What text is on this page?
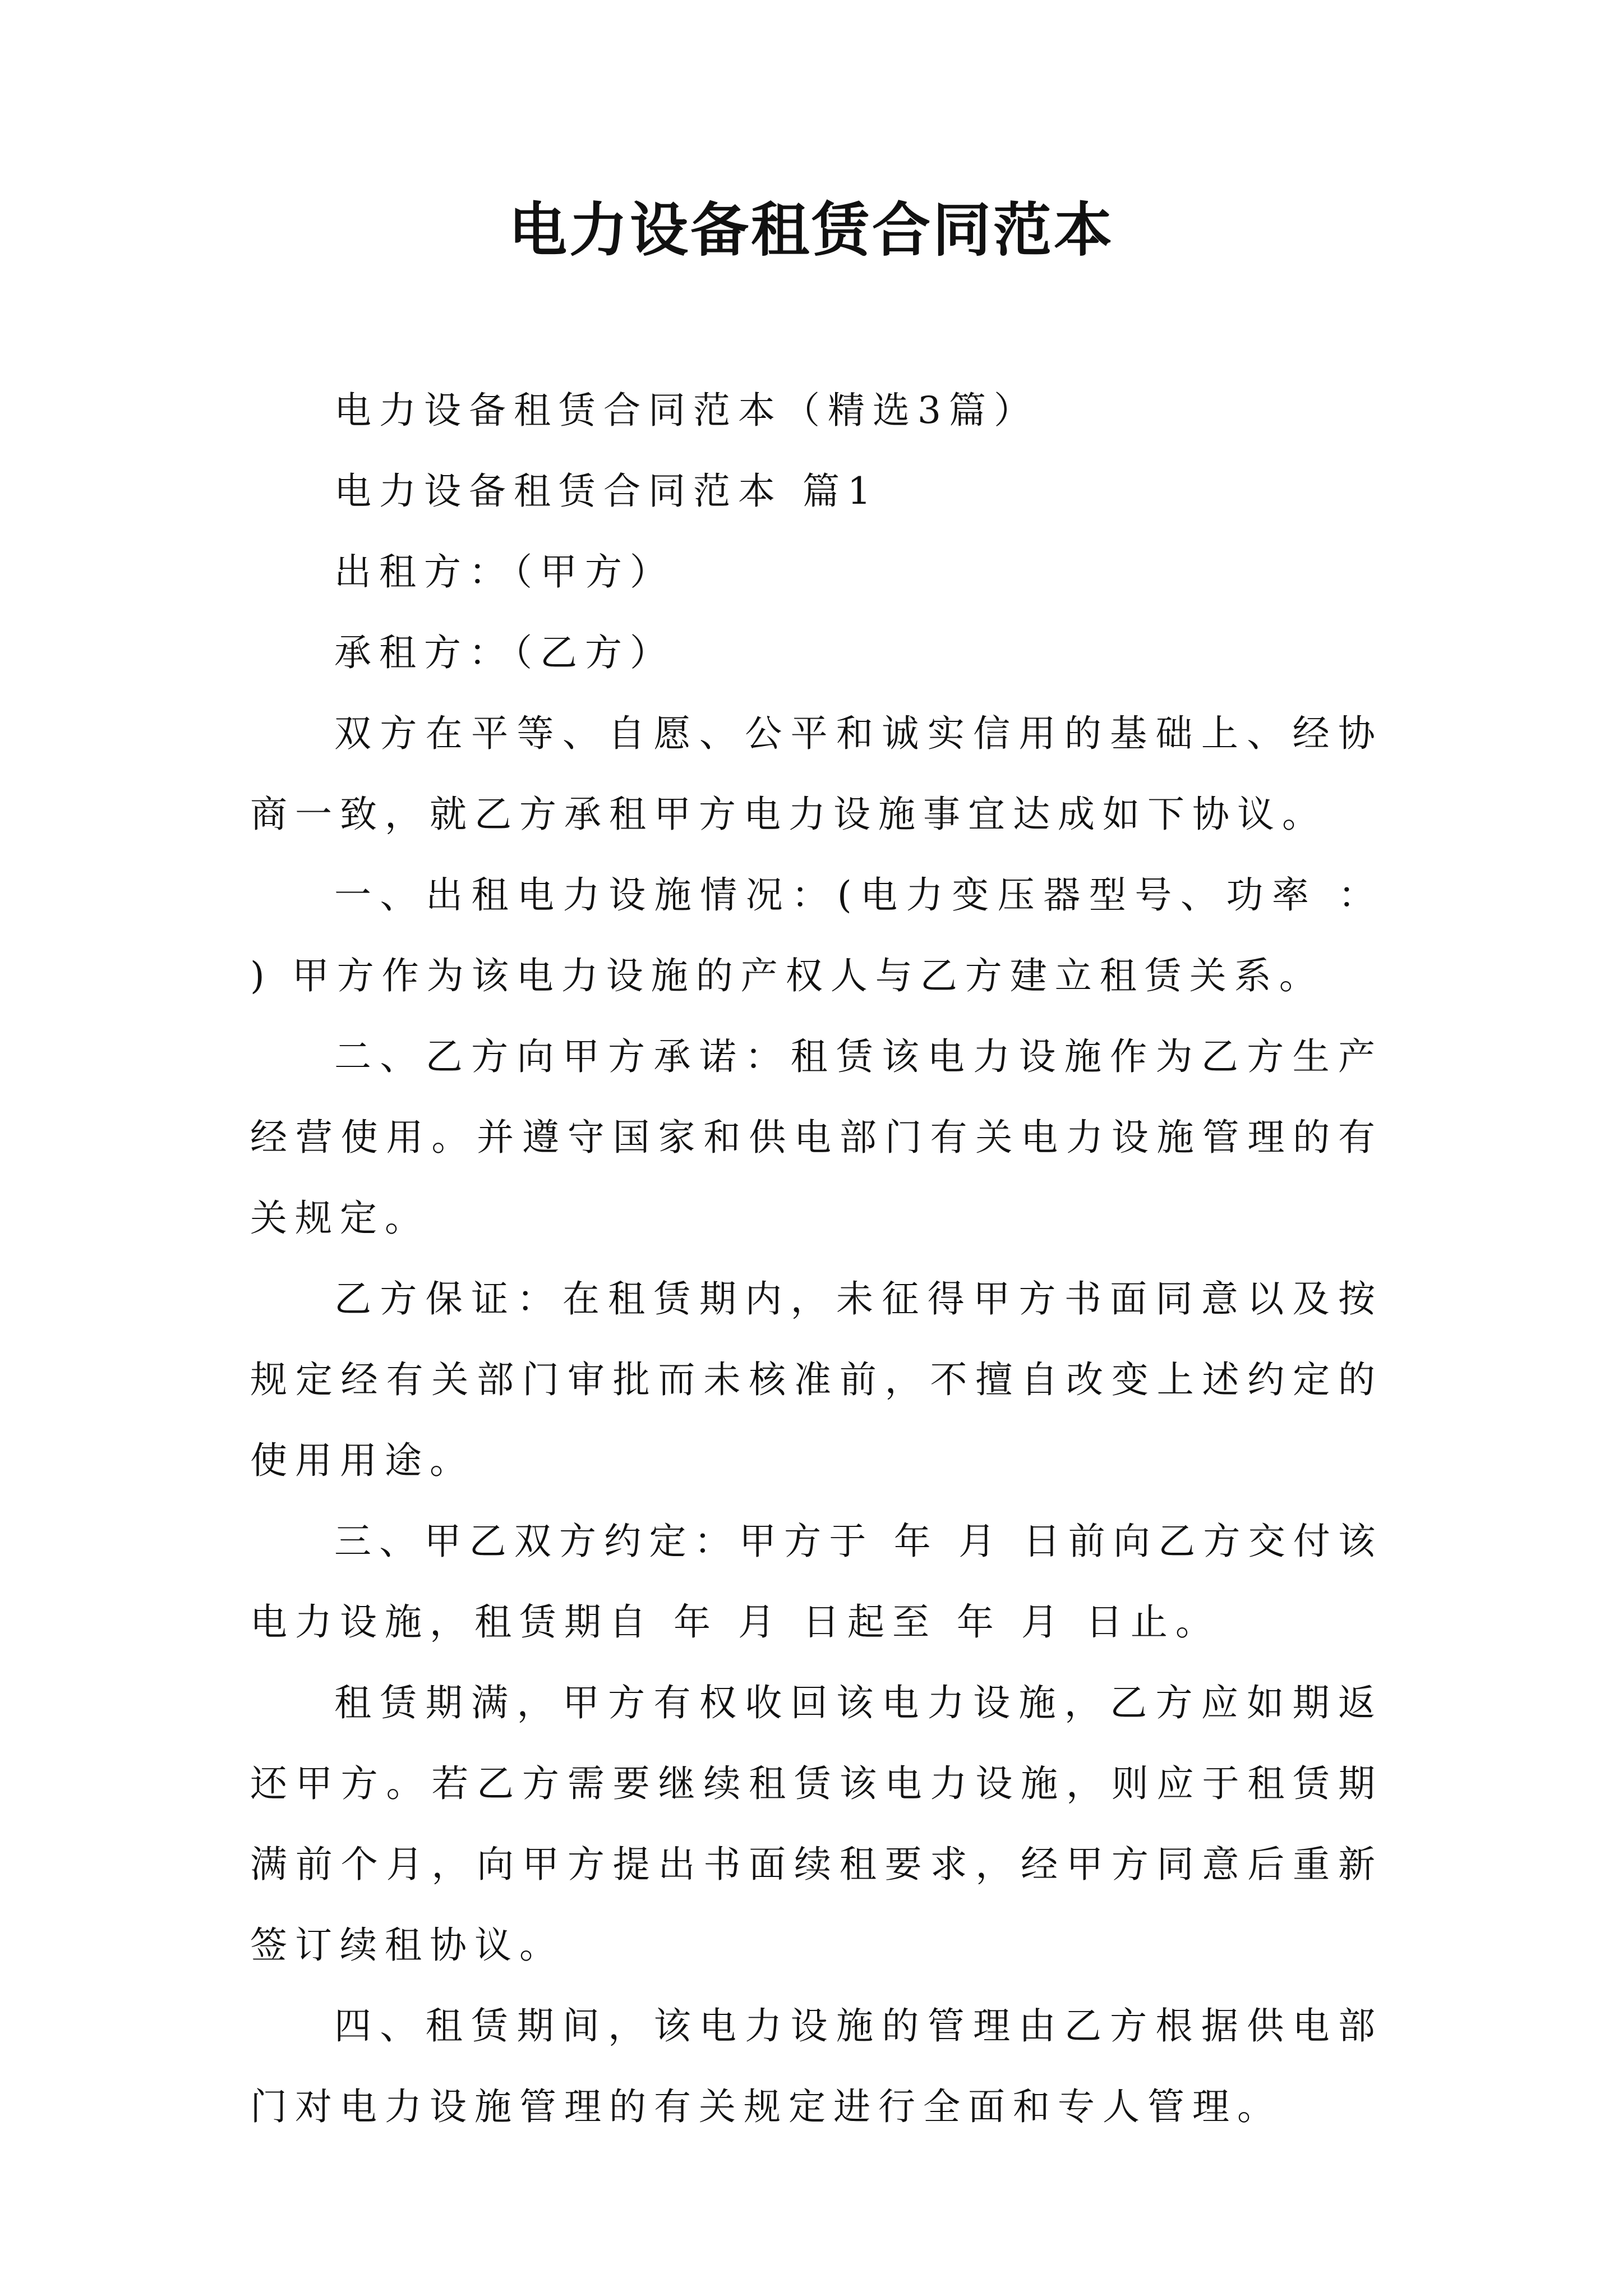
电力设备租赁合同范本

电力设备租赁合同范本（精选3篇）

电力设备租赁合同范本 篇1

出租方：（甲方）

承租方：（乙方）

双方在平等、自愿、公平和诚实信用的基础上、经协商一致，就乙方承租甲方电力设施事宜达成如下协议。

一、出租电力设施情况：(电力变压器型号、功率 ： ) 甲方作为该电力设施的产权人与乙方建立租赁关系。

二、乙方向甲方承诺：租赁该电力设施作为乙方生产经营使用。并遵守国家和供电部门有关电力设施管理的有关规定。

乙方保证：在租赁期内，未征得甲方书面同意以及按规定经有关部门审批而未核准前，不擅自改变上述约定的使用用途。

三、甲乙双方约定：甲方于 年 月 日前向乙方交付该电力设施，租赁期自 年 月 日起至 年 月 日止。

租赁期满，甲方有权收回该电力设施，乙方应如期返还甲方。若乙方需要继续租赁该电力设施，则应于租赁期满前个月，向甲方提出书面续租要求，经甲方同意后重新签订续租协议。

四、租赁期间，该电力设施的管理由乙方根据供电部门对电力设施管理的有关规定进行全面和专人管理。
